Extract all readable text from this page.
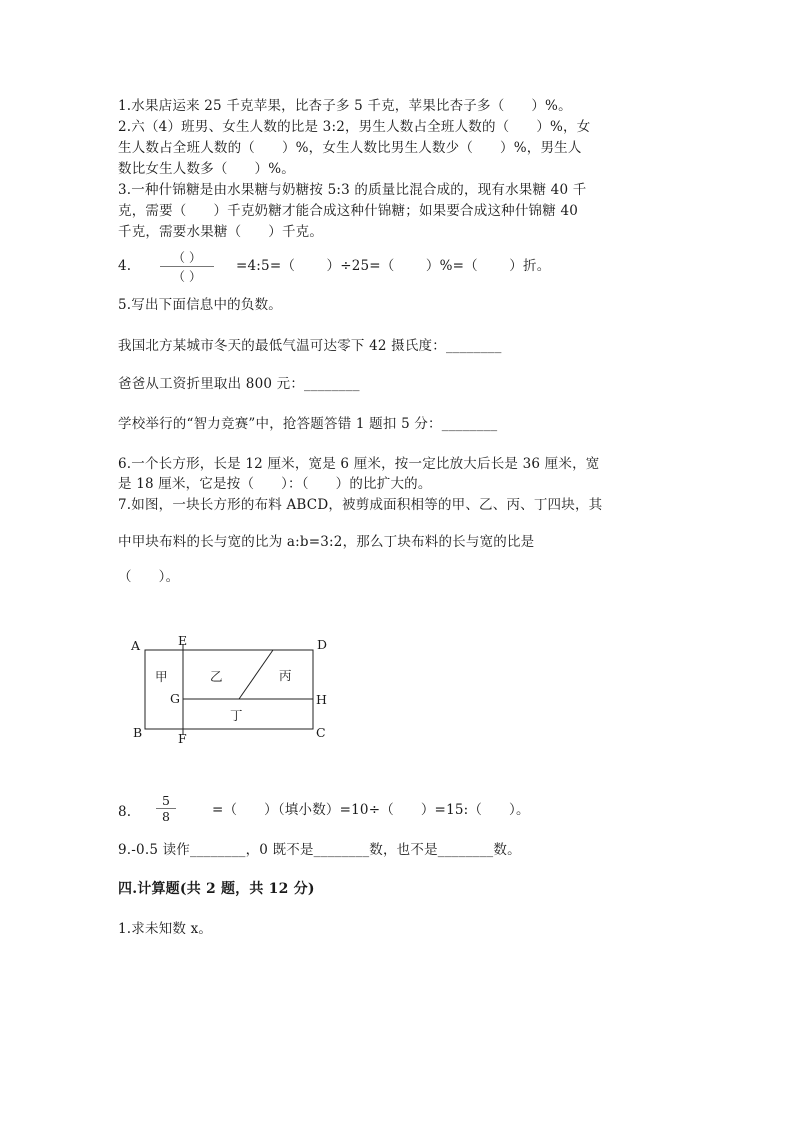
1.水果店运来 25 千克苹果，比杏子多 5 千克，苹果比杏子多（      ）%。
2.六（4）班男、女生人数的比是 3:2，男生人数占全班人数的（      ）%，女
生人数占全班人数的（      ）%，女生人数比男生人数少（      ）%，男生人
数比女生人数多（      ）%。
3.一种什锦糖是由水果糖与奶糖按 5:3 的质量比混合成的，现有水果糖 40 千
克，需要（      ）千克奶糖才能合成这种什锦糖；如果要合成这种什锦糖 40
千克，需要水果糖（      ）千克。
4.
（ ）
（ ）
=4:5=（       ）÷25=（       ）%=（       ）折。
5.写出下面信息中的负数。
我国北方某城市冬天的最低气温可达零下 42 摄氏度：________
爸爸从工资折里取出 800 元：________
学校举行的“智力竞赛”中，抢答题答错 1 题扣 5 分：________
6.一个长方形，长是 12 厘米，宽是 6 厘米，按一定比放大后长是 36 厘米，宽
是 18 厘米，它是按（      ）：（      ）的比扩大的。
7.如图，一块长方形的布料 ABCD，被剪成面积相等的甲、乙、丙、丁四块，其
中甲块布料的长与宽的比为 a:b=3:2，那么丁块布料的长与宽的比是
（      ）。
A	E	D
G	H
B	F	C
甲	乙	丙
丁
8.
5
8	=（      ）（填小数）=10÷（      ）=15:（      ）。
9.-0.5 读作________，0 既不是________数，也不是________数。
四.计算题(共 2 题，共 12 分)
1.求未知数 x。
